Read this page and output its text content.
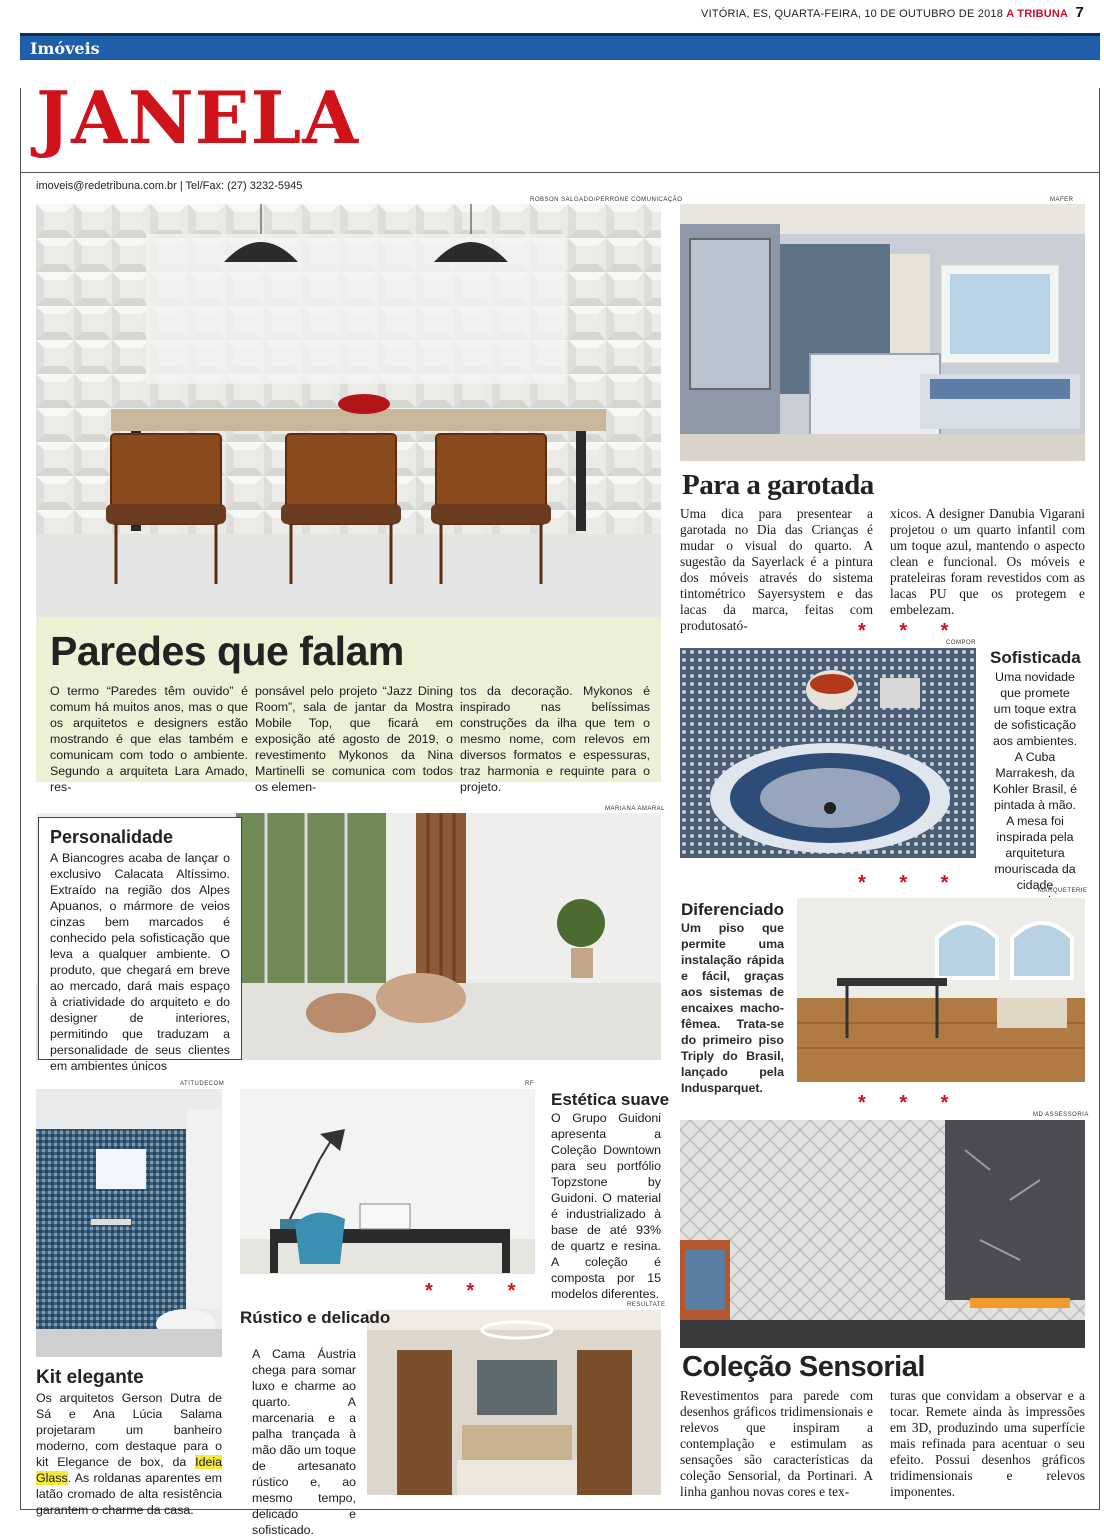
VITÓRIA, ES, QUARTA-FEIRA, 10 DE OUTUBRO DE 2018 A TRIBUNA 7
Imóveis
JANELA
imoveis@redetribuna.com.br | Tel/Fax: (27) 3232-5945
ROBSON SALGADO/PERRONE COMUNICAÇÃO
Paredes que falam
O termo “Paredes têm ouvido” é comum há muitos anos, mas o que os arquitetos e designers estão mostrando é que elas também e comunicam com todo o ambiente. Segundo a arquiteta Lara Amado, res-
ponsável pelo projeto “Jazz Dining Room”, sala de jantar da Mostra Mobile Top, que ficará em exposição até agosto de 2019, o revestimento Mykonos da Nina Martinelli se comunica com todos os elemen-
tos da decoração. Mykonos é inspirado nas belíssimas construções da ilha que tem o mesmo nome, com relevos em diversos formatos e espessuras, traz harmonia e requinte para o projeto.
MAFER
Para a garotada
Uma dica para presentear a garotada no Dia das Crianças é mudar o visual do quarto. A sugestão da Sayerlack é a pintura dos móveis através do sistema tintométrico Sayersystem e das lacas da marca, feitas com produtosató-
xicos. A designer Danubia Vigarani projetou o um quarto infantil com um toque azul, mantendo o aspecto clean e funcional. Os móveis e prateleiras foram revestidos com as lacas PU que os protegem e embelezam.
* * *
COMPOR
Sofisticada
Uma novidade que promete um toque extra de sofisticação aos ambientes. A Cuba Marrakesh, da Kohler Brasil, é pintada à mão. A mesa foi inspirada pela arquitetura mouriscada da cidade
* * *
MARIANA AMARAL
Personalidade
A Biancogres acaba de lançar o exclusivo Calacata Altíssimo. Extraído na região dos Alpes Apuanos, o mármore de veios cinzas bem marcados é conhecido pela sofisticação que leva a qualquer ambiente. O produto, que chegará em breve ao mercado, dará mais espaço à criatividade do arquiteto e do designer de interiores, permitindo que traduzam a personalidade de seus clientes em ambientes únicos
MARQUETERIE
Diferenciado
Um piso que permite uma instalação rápida e fácil, graças aos sistemas de encaixes macho-fêmea. Trata-se do primeiro piso Triply do Brasil, lançado pela Indusparquet.
* * *
ATITUDECOM
Kit elegante
Os arquitetos Gerson Dutra de Sá e Ana Lúcia Salama projetaram um banheiro moderno, com destaque para o kit Elegance de box, da Ideia Glass. As roldanas aparentes em latão cromado de alta resistência garantem o charme da casa.
RF
Estética suave
O Grupo Guidoni apresenta a Coleção Downtown para seu portfólio Topzstone by Guidoni. O material é industrializado à base de até 93% de quartz e resina. A coleção é composta por 15 modelos diferentes.
* * *
RESULTATE
Rústico e delicado
A Cama Áustria chega para somar luxo e charme ao quarto. A marcenaria e a palha trançada à mão dão um toque de artesanato rústico e, ao mesmo tempo, delicado e sofisticado.
MD ASSESSORIA
Coleção Sensorial
Revestimentos para parede com desenhos gráficos tridimensionais e relevos que inspiram a contemplação e estimulam as sensações são características da coleção Sensorial, da Portinari. A linha ganhou novas cores e tex-
turas que convidam a observar e a tocar. Remete ainda às impressões em 3D, produzindo uma superfície mais refinada para acentuar o seu efeito. Possui desenhos gráficos tridimensionais e relevos imponentes.
